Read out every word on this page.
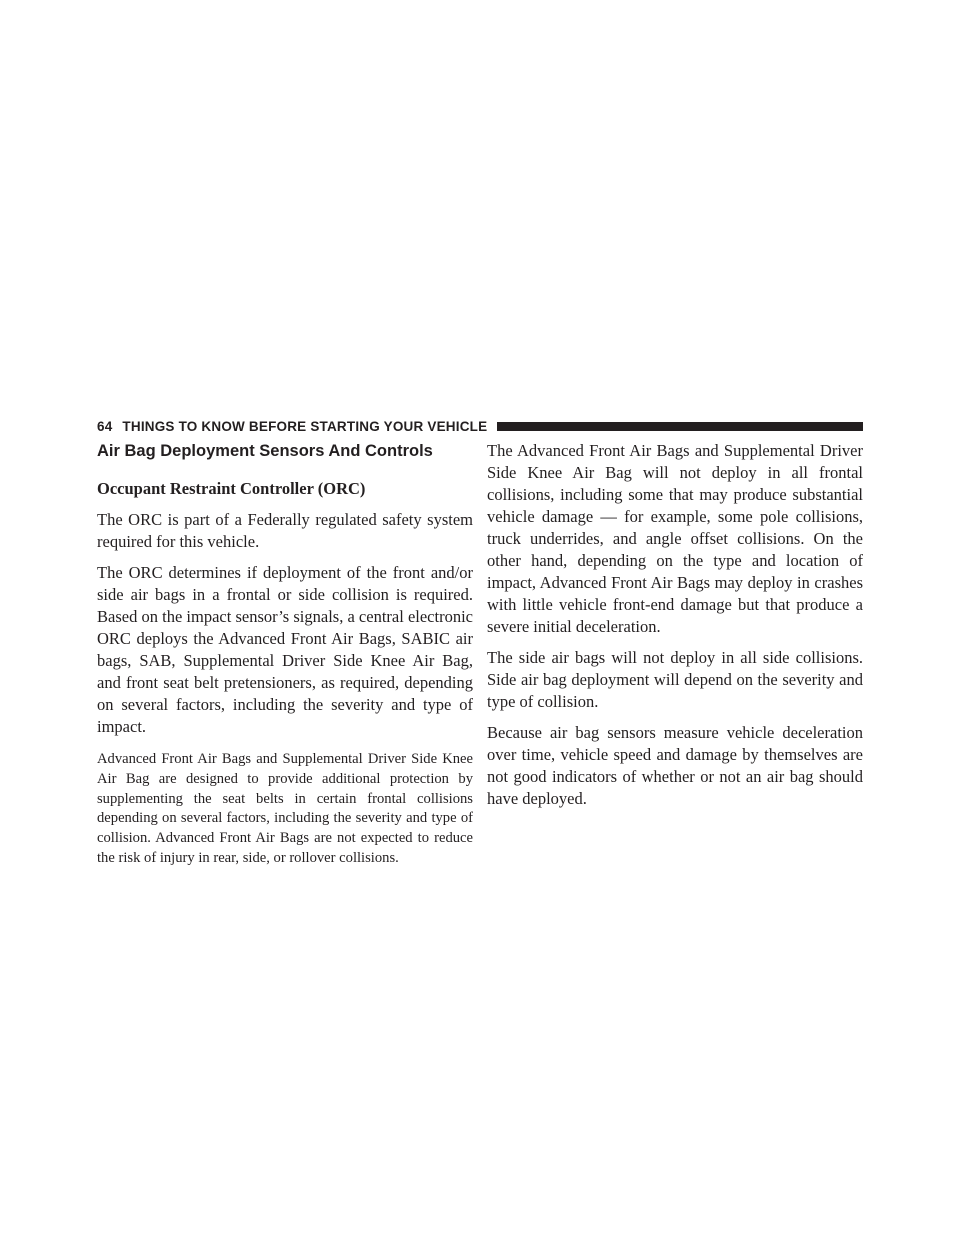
64 THINGS TO KNOW BEFORE STARTING YOUR VEHICLE
Air Bag Deployment Sensors And Controls
Occupant Restraint Controller (ORC)

The ORC is part of a Federally regulated safety system required for this vehicle.

The ORC determines if deployment of the front and/or side air bags in a frontal or side collision is required. Based on the impact sensor’s signals, a central electronic ORC deploys the Advanced Front Air Bags, SABIC air bags, SAB, Supplemental Driver Side Knee Air Bag, and front seat belt pretensioners, as required, depending on several factors, including the severity and type of impact.

Advanced Front Air Bags and Supplemental Driver Side Knee Air Bag are designed to provide additional protection by supplementing the seat belts in certain frontal collisions depending on several factors, including the severity and type of collision. Advanced Front Air Bags are not expected to reduce the risk of injury in rear, side, or rollover collisions.

The Advanced Front Air Bags and Supplemental Driver Side Knee Air Bag will not deploy in all frontal collisions, including some that may produce substantial vehicle damage — for example, some pole collisions, truck underrides, and angle offset collisions. On the other hand, depending on the type and location of impact, Advanced Front Air Bags may deploy in crashes with little vehicle front-end damage but that produce a severe initial deceleration.

The side air bags will not deploy in all side collisions. Side air bag deployment will depend on the severity and type of collision.

Because air bag sensors measure vehicle deceleration over time, vehicle speed and damage by themselves are not good indicators of whether or not an air bag should have deployed.
